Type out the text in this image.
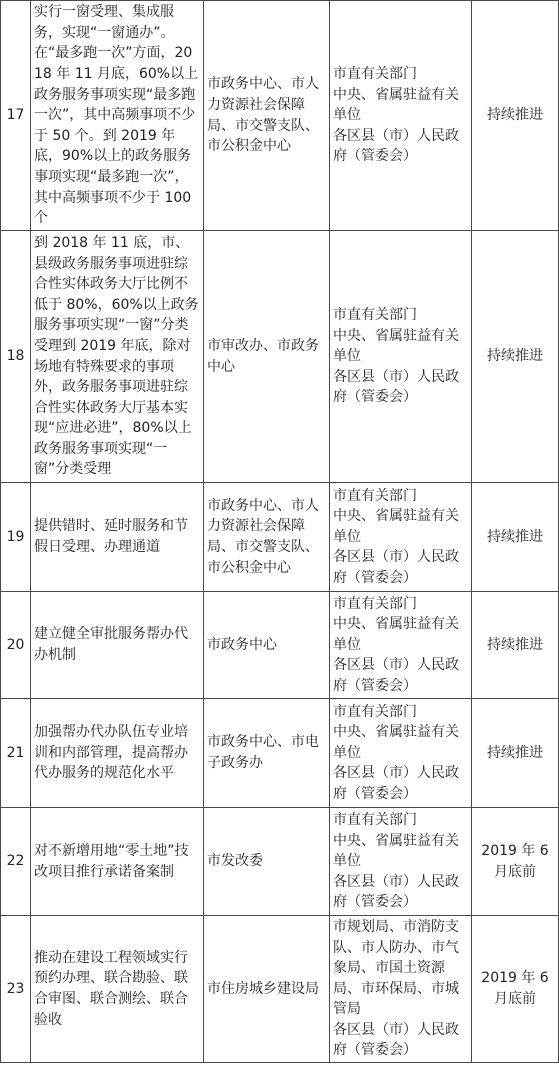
17	实行一窗受理、集成服务，实现“一窗通办”。在“最多跑一次”方面，2018 年 11 月底，60%以上政务服务事项实现“最多跑一次”，其中高频事项不少于 50 个。到 2019 年底，90%以上的政务服务事项实现“最多跑一次”，其中高频事项不少于 100 个	市政务中心、市人力资源社会保障局、市交警支队、市公积金中心	市直有关部门
中央、省属驻益有关单位
各区县（市）人民政府（管委会）	持续推进
18	到 2018 年 11 底，市、县级政务服务事项进驻综合性实体政务大厅比例不低于 80%，60%以上政务服务事项实现“一窗”分类受理到 2019 年底，除对场地有特殊要求的事项外，政务服务事项进驻综合性实体政务大厅基本实现“应进必进”，80%以上政务服务事项实现“一窗”分类受理	市审改办、市政务中心	市直有关部门
中央、省属驻益有关单位
各区县（市）人民政府（管委会）	持续推进
19	提供错时、延时服务和节假日受理、办理通道	市政务中心、市人力资源社会保障局、市交警支队、市公积金中心	市直有关部门
中央、省属驻益有关单位
各区县（市）人民政府（管委会）	持续推进
20	建立健全审批服务帮办代办机制	市政务中心	市直有关部门
中央、省属驻益有关单位
各区县（市）人民政府（管委会）	持续推进
21	加强帮办代办队伍专业培训和内部管理，提高帮办代办服务的规范化水平	市政务中心、市电子政务办	市直有关部门
中央、省属驻益有关单位
各区县（市）人民政府（管委会）	持续推进
22	对不新增用地“零土地”技改项目推行承诺备案制	市发改委	市直有关部门
中央、省属驻益有关单位
各区县（市）人民政府（管委会）	2019 年 6 月底前
23	推动在建设工程领域实行预约办理、联合勘验、联合审图、联合测绘、联合验收	市住房城乡建设局	市规划局、市消防支队、市人防办、市气象局、市国土资源局、市环保局、市城管局
各区县（市）人民政府（管委会）	2019 年 6 月底前
